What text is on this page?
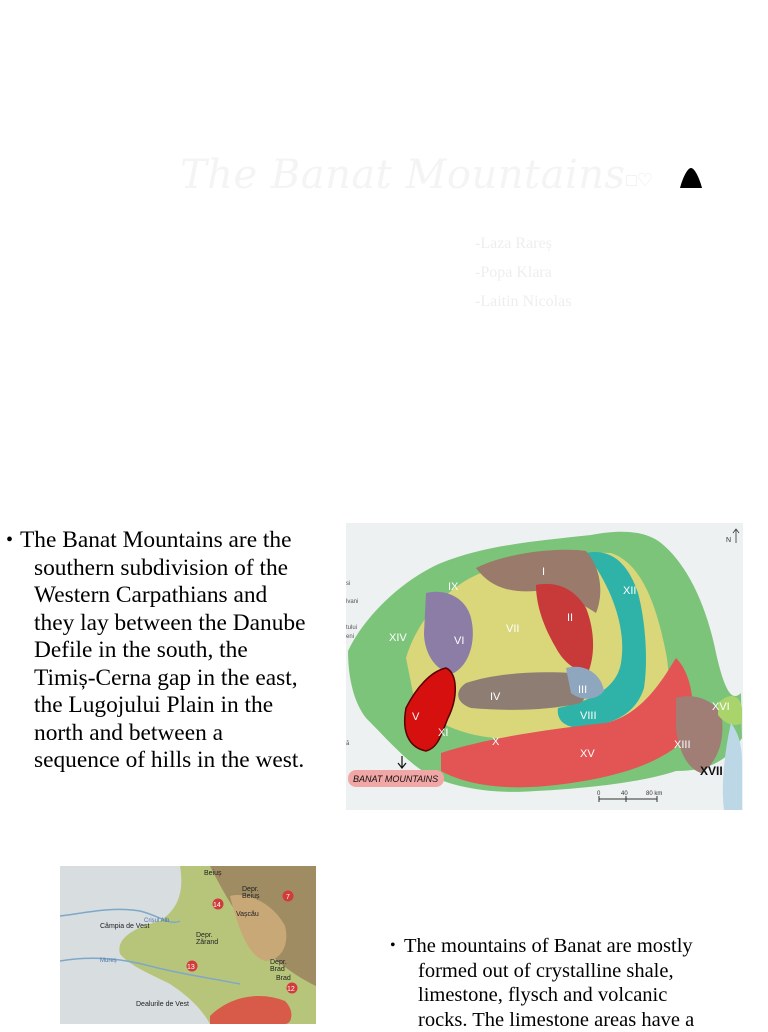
The Banat Mountains □♡
-Laza Rareș
-Popa Klara
-Laitin Nicolas
• The Banat Mountains are the
southern subdivision of the
Western Carpathians and
they lay between the Danube
Defile in the south, the
Timiș-Cerna gap in the east,
the Lugojului Plain in the
north and between a
sequence of hills in the west.
I
II
III
IV
V
VI
VII
VIII
IX
X
XI
XII
XIII
XIV
XV
XVI
XVII
si
lvani
tului
eni
ă
N
BANAT MOUNTAINS
0	40	80 km
Beiuș
Depr.
Beiuș
Vașcău
Câmpia de Vest
Depr.
Zărand
Crișul Alb
Mureș	Depr.
Brad
Brad
Dealurile de Vest
14
7
13
12
• The mountains of Banat are mostly
formed out of crystalline shale,
limestone, flysch and volcanic
rocks. The limestone areas have a
